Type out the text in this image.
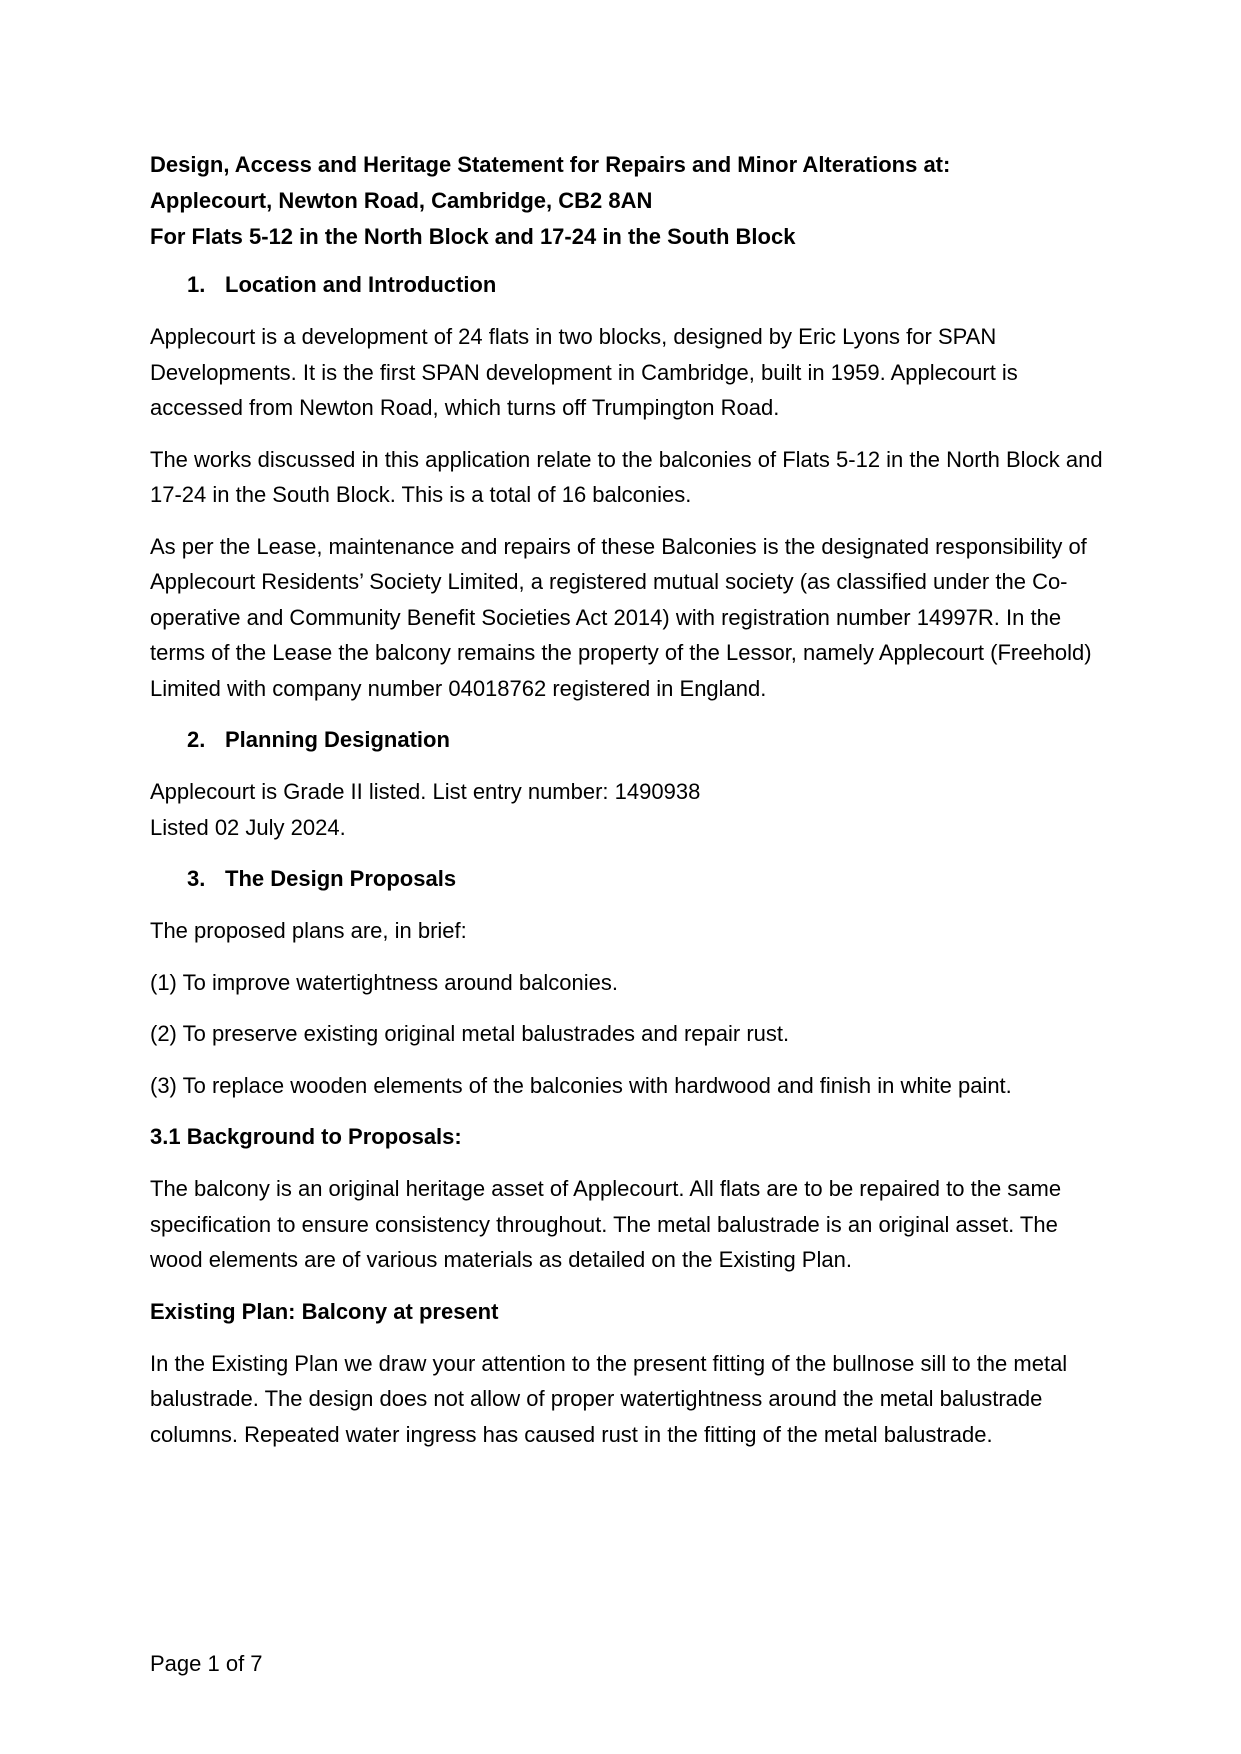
Design, Access and Heritage Statement for Repairs and Minor Alterations at:

Applecourt, Newton Road, Cambridge, CB2 8AN

For Flats 5-12 in the North Block and 17-24 in the South Block

1. Location and Introduction

Applecourt is a development of 24 flats in two blocks, designed by Eric Lyons for SPAN Developments. It is the first SPAN development in Cambridge, built in 1959. Applecourt is accessed from Newton Road, which turns off Trumpington Road.

The works discussed in this application relate to the balconies of Flats 5-12 in the North Block and 17-24 in the South Block. This is a total of 16 balconies.

As per the Lease, maintenance and repairs of these Balconies is the designated responsibility of Applecourt Residents’ Society Limited, a registered mutual society (as classified under the Co-operative and Community Benefit Societies Act 2014) with registration number 14997R. In the terms of the Lease the balcony remains the property of the Lessor, namely Applecourt (Freehold) Limited with company number 04018762 registered in England.

2. Planning Designation

Applecourt is Grade II listed. List entry number: 1490938

Listed 02 July 2024.

3. The Design Proposals

The proposed plans are, in brief:

(1) To improve watertightness around balconies.

(2) To preserve existing original metal balustrades and repair rust.

(3) To replace wooden elements of the balconies with hardwood and finish in white paint.

3.1 Background to Proposals:

The balcony is an original heritage asset of Applecourt. All flats are to be repaired to the same specification to ensure consistency throughout. The metal balustrade is an original asset. The wood elements are of various materials as detailed on the Existing Plan.

Existing Plan: Balcony at present

In the Existing Plan we draw your attention to the present fitting of the bullnose sill to the metal balustrade. The design does not allow of proper watertightness around the metal balustrade columns. Repeated water ingress has caused rust in the fitting of the metal balustrade.

Page 1 of 7
